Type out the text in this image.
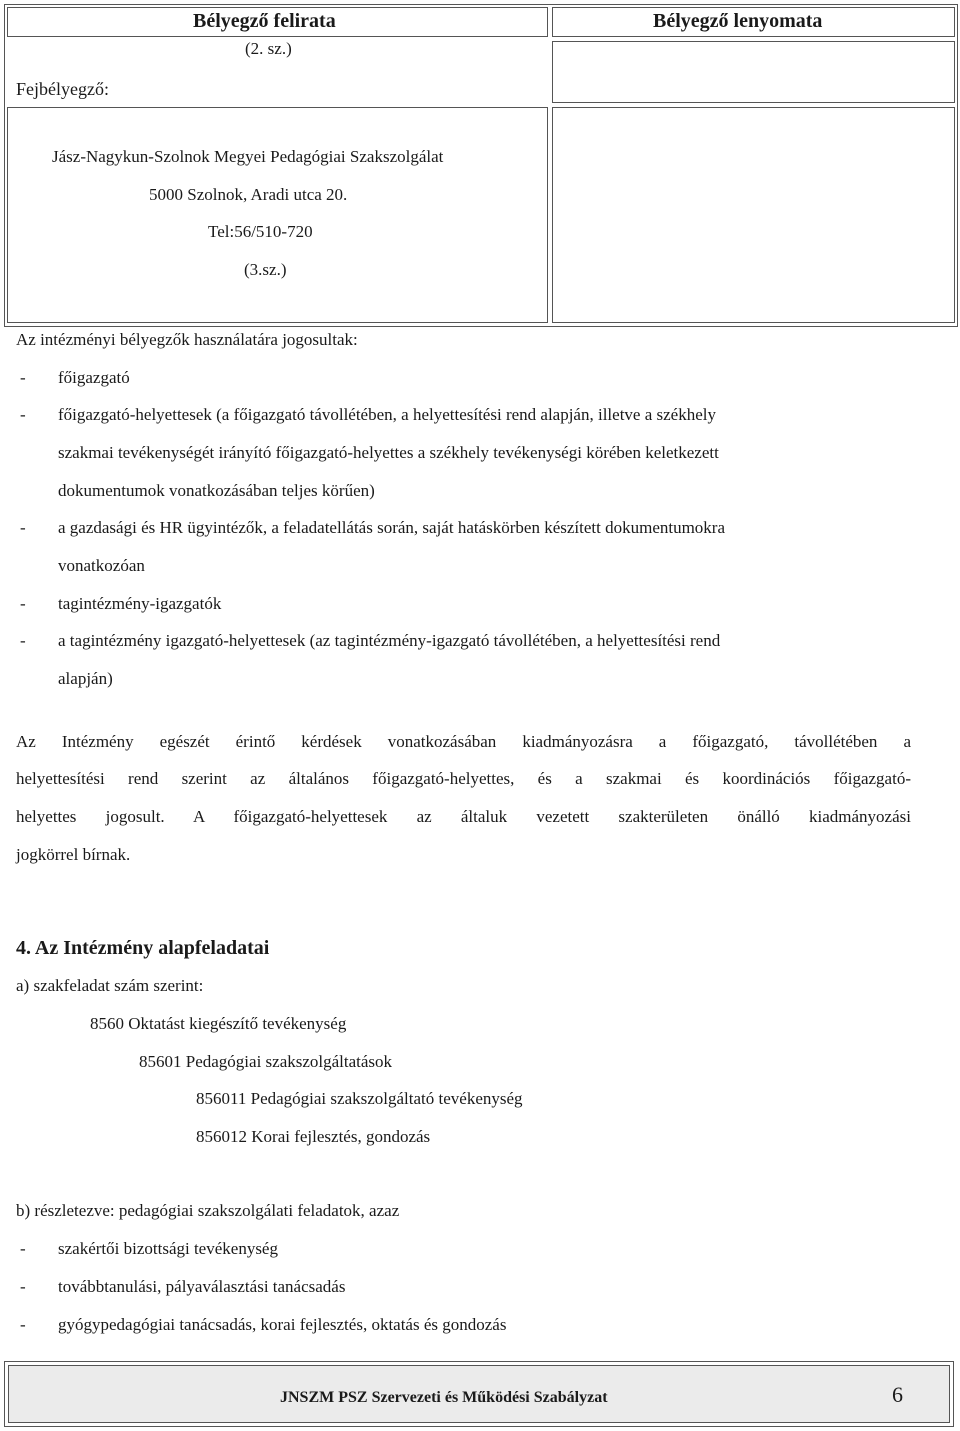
Bélyegző felirata
(2. sz.)
Bélyegző lenyomata
Fejbélyegző:
Jász-Nagykun-Szolnok Megyei Pedagógiai Szakszolgálat
5000 Szolnok, Aradi utca 20.
Tel:56/510-720
(3.sz.)
Az intézményi bélyegzők használatára jogosultak:
- főigazgató
- főigazgató-helyettesek (a főigazgató távollétében, a helyettesítési rend alapján, illetve a székhely
szakmai tevékenységét irányító főigazgató-helyettes a székhely tevékenységi körében keletkezett
dokumentumok vonatkozásában teljes körűen)
- a gazdasági és HR ügyintézők, a feladatellátás során, saját hatáskörben készített dokumentumokra
vonatkozóan
- tagintézmény-igazgatók
- a tagintézmény igazgató-helyettesek (az tagintézmény-igazgató távollétében, a helyettesítési rend
alapján)
Az Intézmény egészét érintő kérdések vonatkozásában kiadmányozásra a főigazgató, távollétében a
helyettesítési rend szerint az általános főigazgató-helyettes, és a szakmai és koordinációs főigazgató-
helyettes jogosult. A főigazgató-helyettesek az általuk vezetett szakterületen önálló kiadmányozási
jogkörrel bírnak.
4. Az Intézmény alapfeladatai
a) szakfeladat szám szerint:
8560 Oktatást kiegészítő tevékenység
85601 Pedagógiai szakszolgáltatások
856011 Pedagógiai szakszolgáltató tevékenység
856012 Korai fejlesztés, gondozás
b) részletezve: pedagógiai szakszolgálati feladatok, azaz
- szakértői bizottsági tevékenység
- továbbtanulási, pályaválasztási tanácsadás
- gyógypedagógiai tanácsadás, korai fejlesztés, oktatás és gondozás
JNSZM PSZ Szervezeti és Működési Szabályzat	6
